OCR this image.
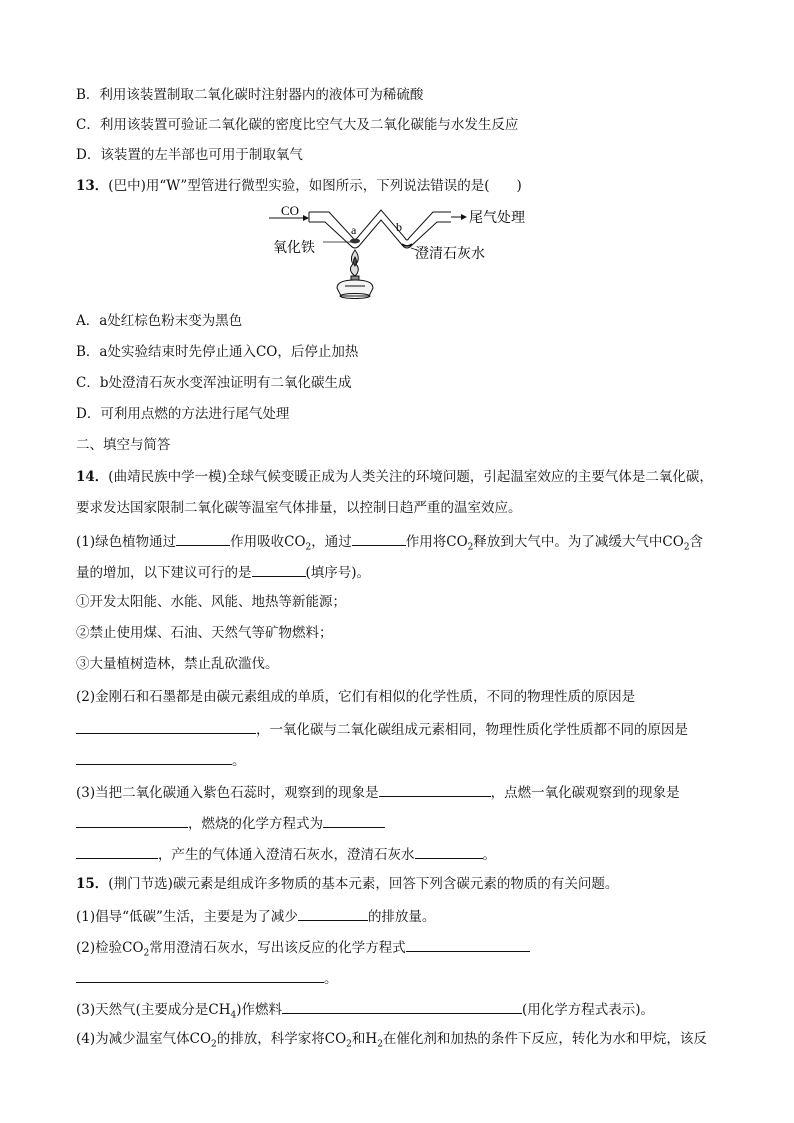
B．利用该装置制取二氧化碳时注射器内的液体可为稀硫酸
C．利用该装置可验证二氧化碳的密度比空气大及二氧化碳能与水发生反应
D．该装置的左半部也可用于制取氧气
13．(巴中)用“W”型管进行微型实验，如图所示，下列说法错误的是(　　)
CO
a	b
尾气处理
氧化铁	澄清石灰水
A．a处红棕色粉末变为黑色
B．a处实验结束时先停止通入CO，后停止加热
C．b处澄清石灰水变浑浊证明有二氧化碳生成
D．可利用点燃的方法进行尾气处理
二、填空与简答
14．(曲靖民族中学一模)全球气候变暖正成为人类关注的环境问题，引起温室效应的主要气体是二氧化碳，
要求发达国家限制二氧化碳等温室气体排量，以控制日趋严重的温室效应。
(1)绿色植物通过	作用吸收$CO_2$，通过	作用将$CO_2$释放到大气中。为了减缓大气中$CO_2$含
量的增加，以下建议可行的是	(填序号)。
①开发太阳能、水能、风能、地热等新能源；
②禁止使用煤、石油、天然气等矿物燃料；
③大量植树造林，禁止乱砍滥伐。
(2)金刚石和石墨都是由碳元素组成的单质，它们有相似的化学性质，不同的物理性质的原因是
，一氧化碳与二氧化碳组成元素相同，物理性质化学性质都不同的原因是
。
(3)当把二氧化碳通入紫色石蕊时，观察到的现象是	，点燃一氧化碳观察到的现象是
，燃烧的化学方程式为
，产生的气体通入澄清石灰水，澄清石灰水	。
15．(荆门节选)碳元素是组成许多物质的基本元素，回答下列含碳元素的物质的有关问题。
(1)倡导“低碳”生活，主要是为了减少	的排放量。
(2)检验$CO_2$常用澄清石灰水，写出该反应的化学方程式
。
(3)天然气(主要成分是$CH_4$)作燃料	(用化学方程式表示)。
(4)为减少温室气体$CO_2$的排放，科学家将$CO_2$和$H_2$在催化剂和加热的条件下反应，转化为水和甲烷，该反
